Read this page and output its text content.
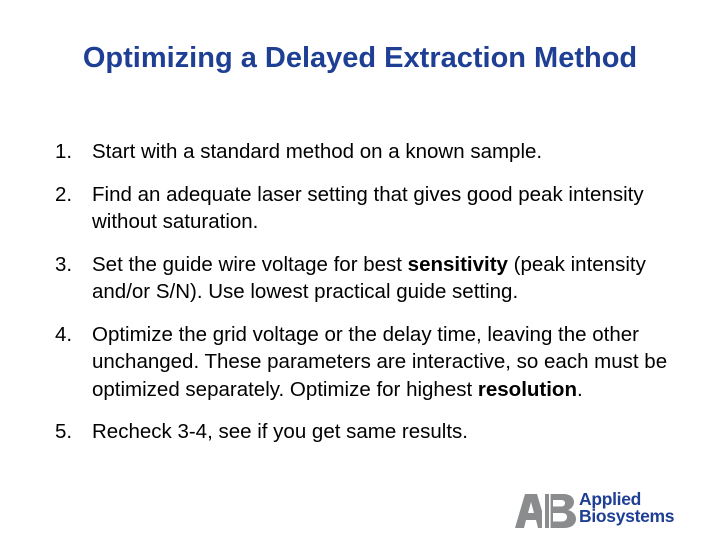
Optimizing a Delayed Extraction Method
1. Start with a standard method on a known sample.
2. Find an adequate laser setting that gives good peak intensity without saturation.
3. Set the guide wire voltage for best sensitivity (peak intensity and/or S/N). Use lowest practical guide setting.
4. Optimize the grid voltage or the delay time, leaving the other unchanged. These parameters are interactive, so each must be optimized separately. Optimize for highest resolution.
5. Recheck 3-4, see if you get same results.
Applied
Biosystems
